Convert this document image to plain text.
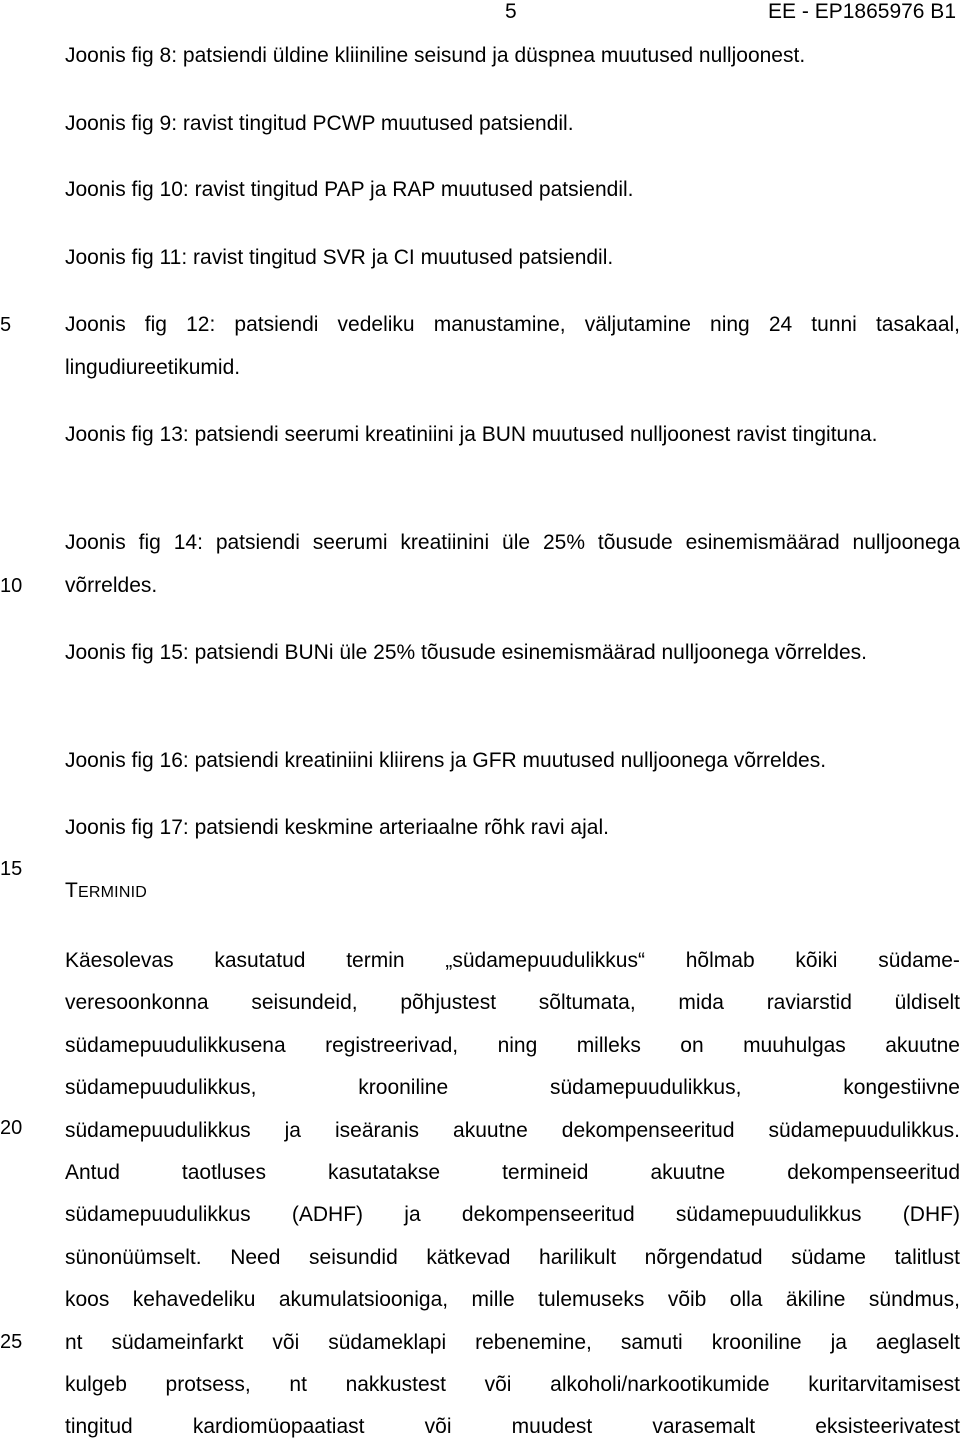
5	EE - EP1865976 B1
5
10
15
20
25
Joonis fig 8: patsiendi üldine kliiniline seisund ja düspnea muutused nulljoonest.
Joonis fig 9: ravist tingitud PCWP muutused patsiendil.
Joonis fig 10: ravist tingitud PAP ja RAP muutused patsiendil.
Joonis fig 11: ravist tingitud SVR ja CI muutused patsiendil.
Joonis fig 12: patsiendi vedeliku manustamine, väljutamine ning 24 tunni tasakaal, lingudiureetikumid.
Joonis fig 13: patsiendi seerumi kreatiniini ja BUN muutused nulljoonest ravist tingituna.
Joonis fig 14: patsiendi seerumi kreatiinini üle 25% tõusude esinemismäärad nulljoonega võrreldes.
Joonis fig 15: patsiendi BUNi üle 25% tõusude esinemismäärad nulljoonega võrreldes.
Joonis fig 16: patsiendi kreatiniini kliirens ja GFR muutused nulljoonega võrreldes.
Joonis fig 17: patsiendi keskmine arteriaalne rõhk ravi ajal.
TERMINID
Käesolevas kasutatud termin „südamepuudulikkus“ hõlmab kõiki südame-
veresoonkonna seisundeid, põhjustest sõltumata, mida raviarstid üldiselt
südamepuudulikkusena registreerivad, ning milleks on muuhulgas akuutne
südamepuudulikkus,	krooniline	südamepuudulikkus,	kongestiivne
südamepuudulikkus ja iseäranis akuutne dekompenseeritud südamepuudulikkus.
Antud	taotluses	kasutatakse	termineid	akuutne	dekompenseeritud
südamepuudulikkus (ADHF) ja dekompenseeritud südamepuudulikkus (DHF)
sünonüümselt. Need seisundid kätkevad harilikult nõrgendatud südame talitlust
koos kehavedeliku akumulatsiooniga, mille tulemuseks võib olla äkiline sündmus,
nt südameinfarkt või südameklapi rebenemine, samuti krooniline ja aeglaselt
kulgeb protsess, nt nakkustest või alkoholi/narkootikumide kuritarvitamisest
tingitud	kardiomüopaatiast	või	muudest	varasemalt	eksisteerivatest
